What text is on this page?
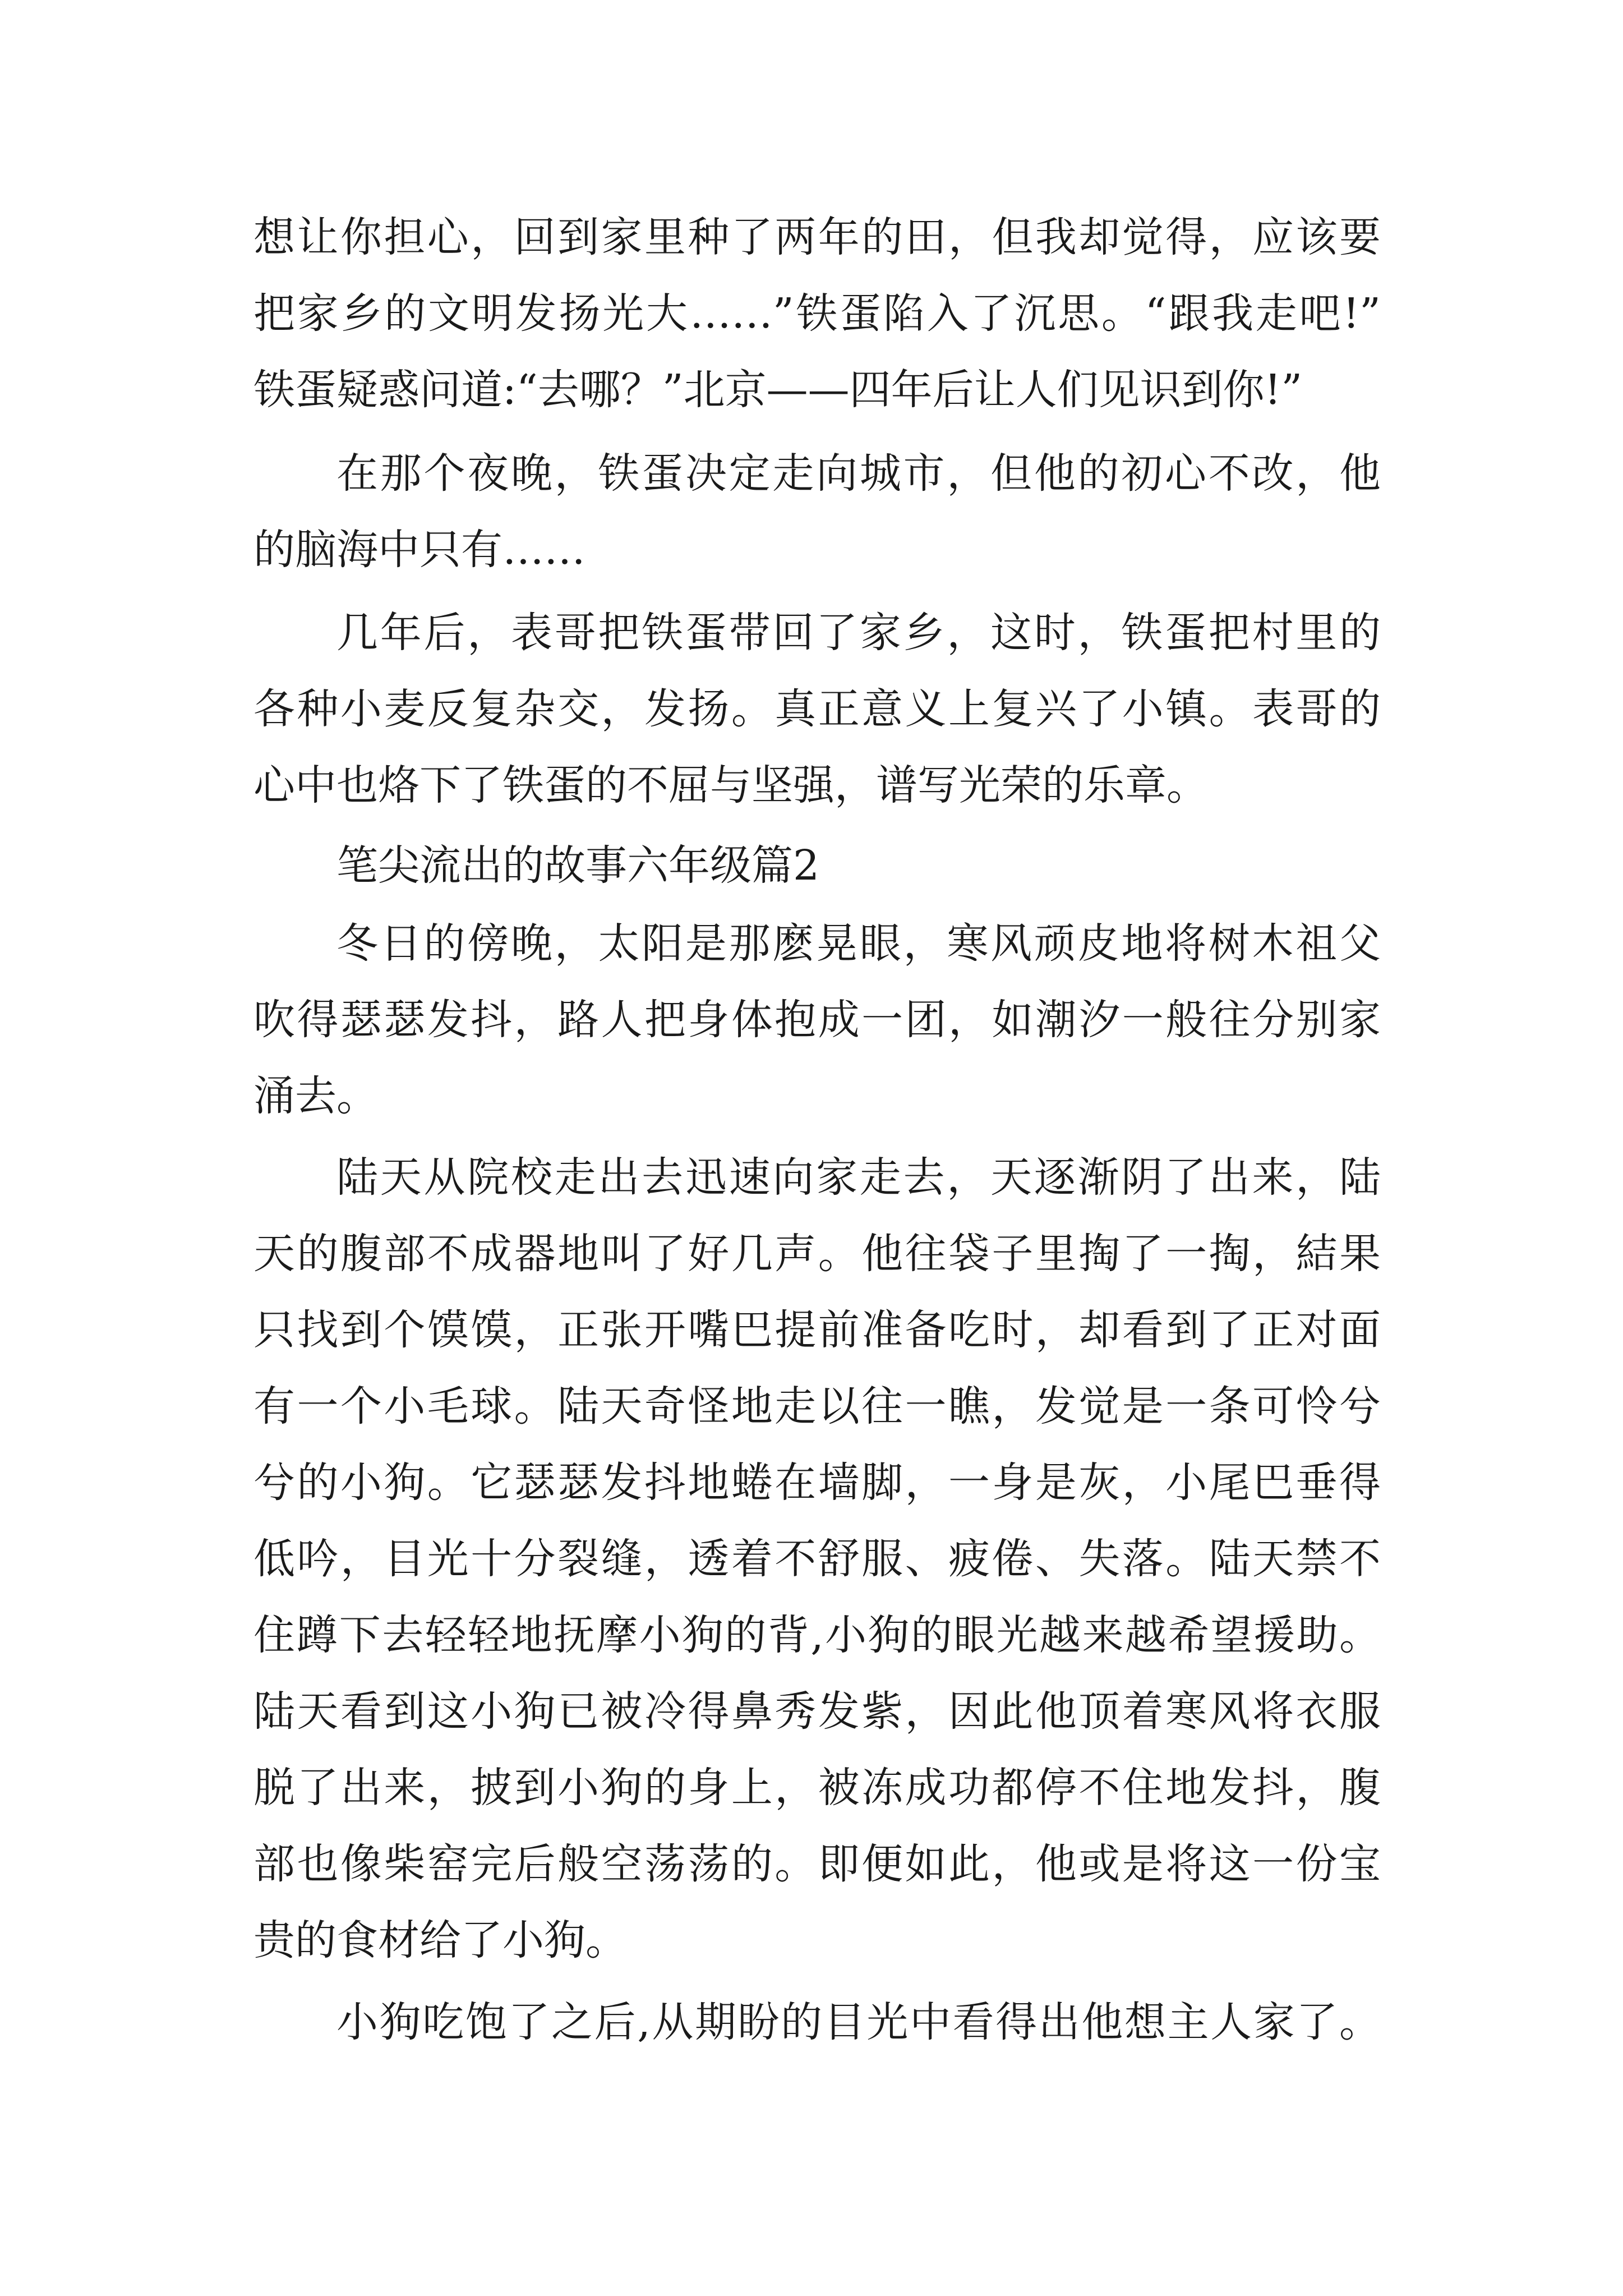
想让你担心，回到家里种了两年的田，但我却觉得，应该要
把家乡的文明发扬光大……”铁蛋陷入了沉思。“跟我走吧!”
铁蛋疑惑问道:“去哪？”北京——四年后让人们见识到你!”
在那个夜晚，铁蛋决定走向城市，但他的初心不改，他
的脑海中只有……
几年后，表哥把铁蛋带回了家乡，这时，铁蛋把村里的
各种小麦反复杂交，发扬。真正意义上复兴了小镇。表哥的
心中也烙下了铁蛋的不屈与坚强，谱写光荣的乐章。
笔尖流出的故事六年级篇2
冬日的傍晚，太阳是那麽晃眼，寒风顽皮地将树木祖父
吹得瑟瑟发抖，路人把身体抱成一团，如潮汐一般往分别家
涌去。
陆天从院校走出去迅速向家走去，天逐渐阴了出来，陆
天的腹部不成器地叫了好几声。他往袋子里掏了一掏，結果
只找到个馍馍，正张开嘴巴提前准备吃时，却看到了正对面
有一个小毛球。陆天奇怪地走以往一瞧，发觉是一条可怜兮
兮的小狗。它瑟瑟发抖地蜷在墙脚，一身是灰，小尾巴垂得
低吟，目光十分裂缝，透着不舒服、疲倦、失落。陆天禁不
住蹲下去轻轻地抚摩小狗的背,小狗的眼光越来越希望援助。
陆天看到这小狗已被冷得鼻秀发紫，因此他顶着寒风将衣服
脱了出来，披到小狗的身上，被冻成功都停不住地发抖，腹
部也像柴窑完后般空荡荡的。即便如此，他或是将这一份宝
贵的食材给了小狗。
小狗吃饱了之后,从期盼的目光中看得出他想主人家了。
